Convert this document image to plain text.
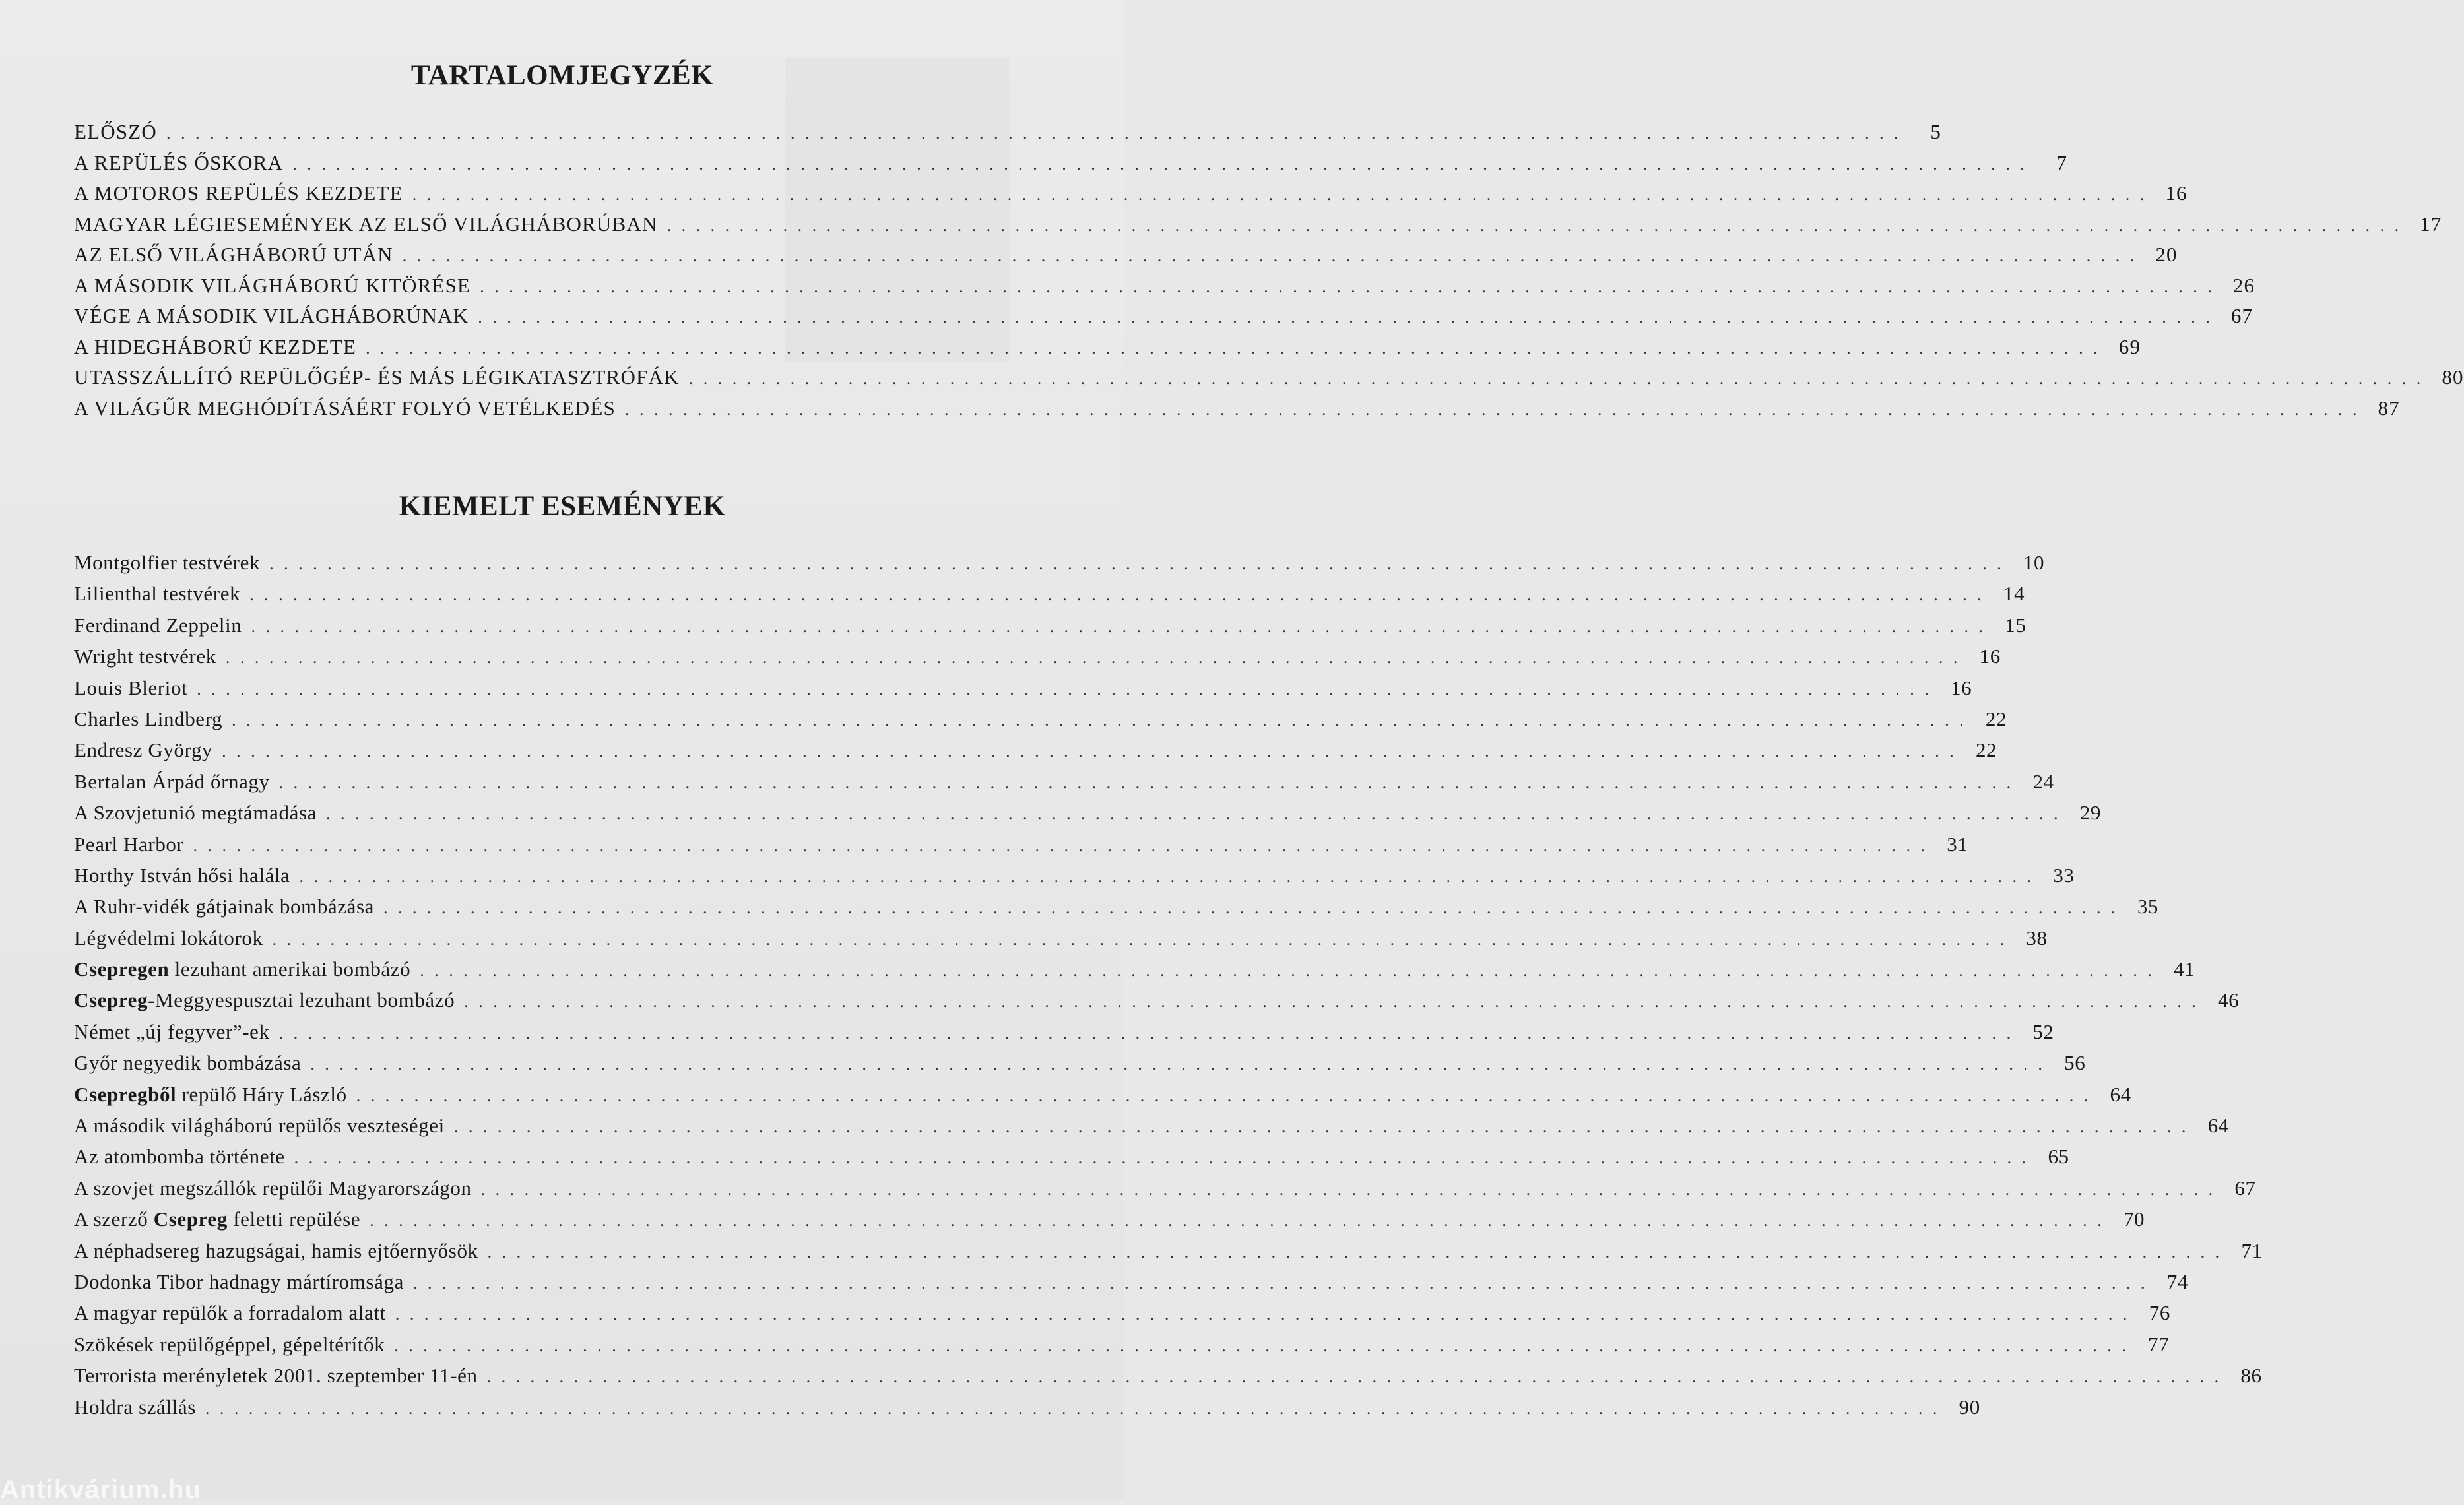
TARTALOMJEGYZÉK
ELŐSZÓ ........................................................................................................................	5
A REPÜLÉS ŐSKORA ........................................................................................................................	7
A MOTOROS REPÜLÉS KEZDETE ........................................................................................................................ 16
MAGYAR LÉGIESEMÉNYEK AZ ELSŐ VILÁGHÁBORÚBAN ........................................................................................................................ 17
AZ ELSŐ VILÁGHÁBORÚ UTÁN ........................................................................................................................ 20
A MÁSODIK VILÁGHÁBORÚ KITÖRÉSE ........................................................................................................................ 26
VÉGE A MÁSODIK VILÁGHÁBORÚNAK ........................................................................................................................ 67
A HIDEGHÁBORÚ KEZDETE ........................................................................................................................ 69
UTASSZÁLLÍTÓ REPÜLŐGÉP- ÉS MÁS LÉGIKATASZTRÓFÁK ........................................................................................................................ 80
A VILÁGŰR MEGHÓDÍTÁSÁÉRT FOLYÓ VETÉLKEDÉS ........................................................................................................................ 87
KIEMELT ESEMÉNYEK
Montgolfier testvérek ........................................................................................................................ 10
Lilienthal testvérek ........................................................................................................................ 14
Ferdinand Zeppelin ........................................................................................................................ 15
Wright testvérek ........................................................................................................................ 16
Louis Bleriot ........................................................................................................................ 16
Charles Lindberg ........................................................................................................................ 22
Endresz György ........................................................................................................................ 22
Bertalan Árpád őrnagy ........................................................................................................................ 24
A Szovjetunió megtámadása ........................................................................................................................ 29
Pearl Harbor ........................................................................................................................ 31
Horthy István hősi halála ........................................................................................................................ 33
A Ruhr-vidék gátjainak bombázása ........................................................................................................................ 35
Légvédelmi lokátorok ........................................................................................................................ 38
Csepregen lezuhant amerikai bombázó ........................................................................................................................ 41
Csepreg-Meggyespusztai lezuhant bombázó ........................................................................................................................ 46
Német „új fegyver”-ek ........................................................................................................................ 52
Győr negyedik bombázása ........................................................................................................................ 56
Csepregből repülő Háry László ........................................................................................................................ 64
A második világháború repülős veszteségei ........................................................................................................................ 64
Az atombomba története ........................................................................................................................ 65
A szovjet megszállók repülői Magyarországon ........................................................................................................................ 67
A szerző Csepreg feletti repülése ........................................................................................................................ 70
A néphadsereg hazugságai, hamis ejtőernyősök ........................................................................................................................ 71
Dodonka Tibor hadnagy mártíromsága ........................................................................................................................ 74
A magyar repülők a forradalom alatt ........................................................................................................................ 76
Szökések repülőgéppel, gépeltérítők ........................................................................................................................ 77
Terrorista merényletek 2001. szeptember 11-én ........................................................................................................................ 86
Holdra szállás ........................................................................................................................ 90
Antikvárium.hu
